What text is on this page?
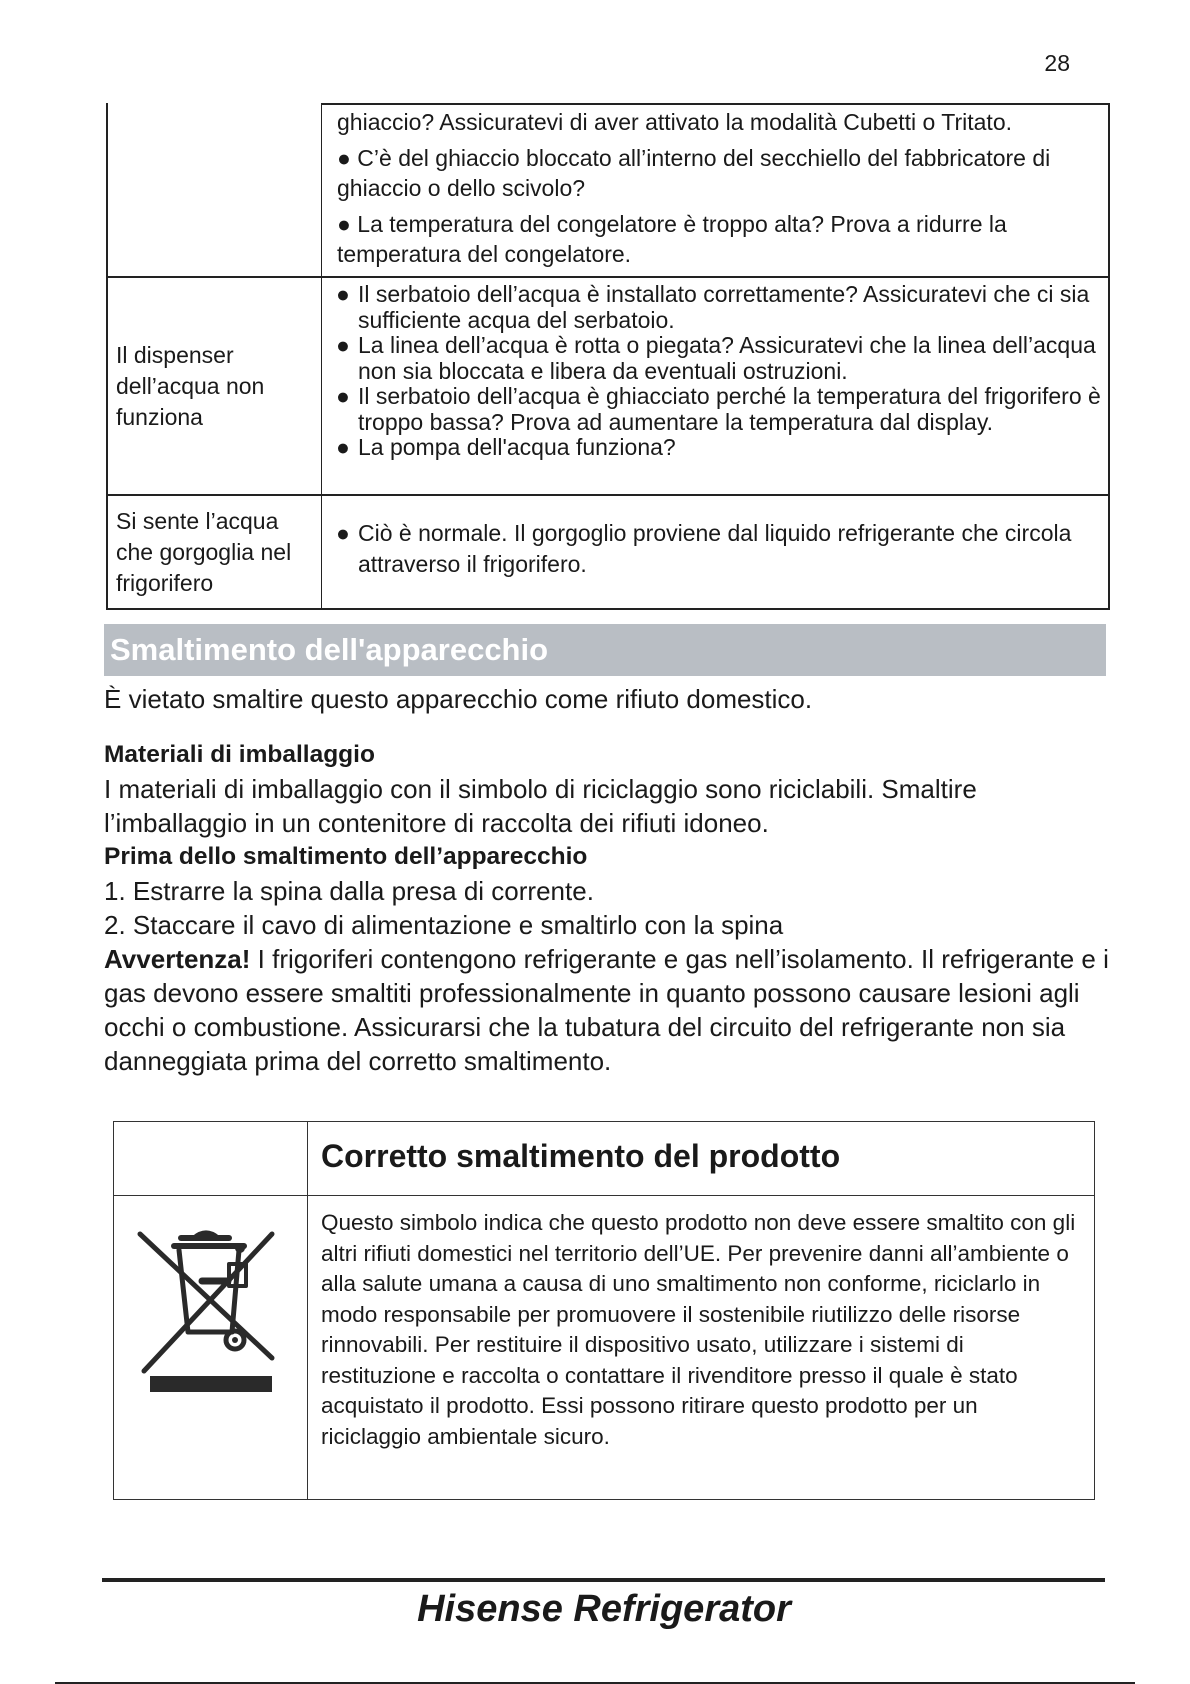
28
ghiaccio? Assicuratevi di aver attivato la modalità Cubetti o Tritato.
● C’è del ghiaccio bloccato all’interno del secchiello del fabbricatore di ghiaccio o dello scivolo?
● La temperatura del congelatore è troppo alta? Prova a ridurre la temperatura del congelatore.
Il dispenser dell’acqua non funziona
● Il serbatoio dell’acqua è installato correttamente? Assicuratevi che ci sia sufficiente acqua del serbatoio.
● La linea dell’acqua è rotta o piegata? Assicuratevi che la linea dell’acqua non sia bloccata e libera da eventuali ostruzioni.
● Il serbatoio dell’acqua è ghiacciato perché la temperatura del frigorifero è troppo bassa? Prova ad aumentare la temperatura dal display.
● La pompa dell'acqua funziona?
Si sente l’acqua che gorgoglia nel frigorifero
● Ciò è normale. Il gorgoglio proviene dal liquido refrigerante che circola attraverso il frigorifero.
Smaltimento dell'apparecchio
È vietato smaltire questo apparecchio come rifiuto domestico.
Materiali di imballaggio
I materiali di imballaggio con il simbolo di riciclaggio sono riciclabili. Smaltire l’imballaggio in un contenitore di raccolta dei rifiuti idoneo.
Prima dello smaltimento dell’apparecchio
1. Estrarre la spina dalla presa di corrente.
2. Staccare il cavo di alimentazione e smaltirlo con la spina
Avvertenza! I frigoriferi contengono refrigerante e gas nell’isolamento. Il refrigerante e i gas devono essere smaltiti professionalmente in quanto possono causare lesioni agli occhi o combustione. Assicurarsi che la tubatura del circuito del refrigerante non sia danneggiata prima del corretto smaltimento.
Corretto smaltimento del prodotto
Questo simbolo indica che questo prodotto non deve essere smaltito con gli altri rifiuti domestici nel territorio dell’UE. Per prevenire danni all’ambiente o alla salute umana a causa di uno smaltimento non conforme, riciclarlo in modo responsabile per promuovere il sostenibile riutilizzo delle risorse rinnovabili. Per restituire il dispositivo usato, utilizzare i sistemi di restituzione e raccolta o contattare il rivenditore presso il quale è stato acquistato il prodotto. Essi possono ritirare questo prodotto per un riciclaggio ambientale sicuro.
Hisense Refrigerator
